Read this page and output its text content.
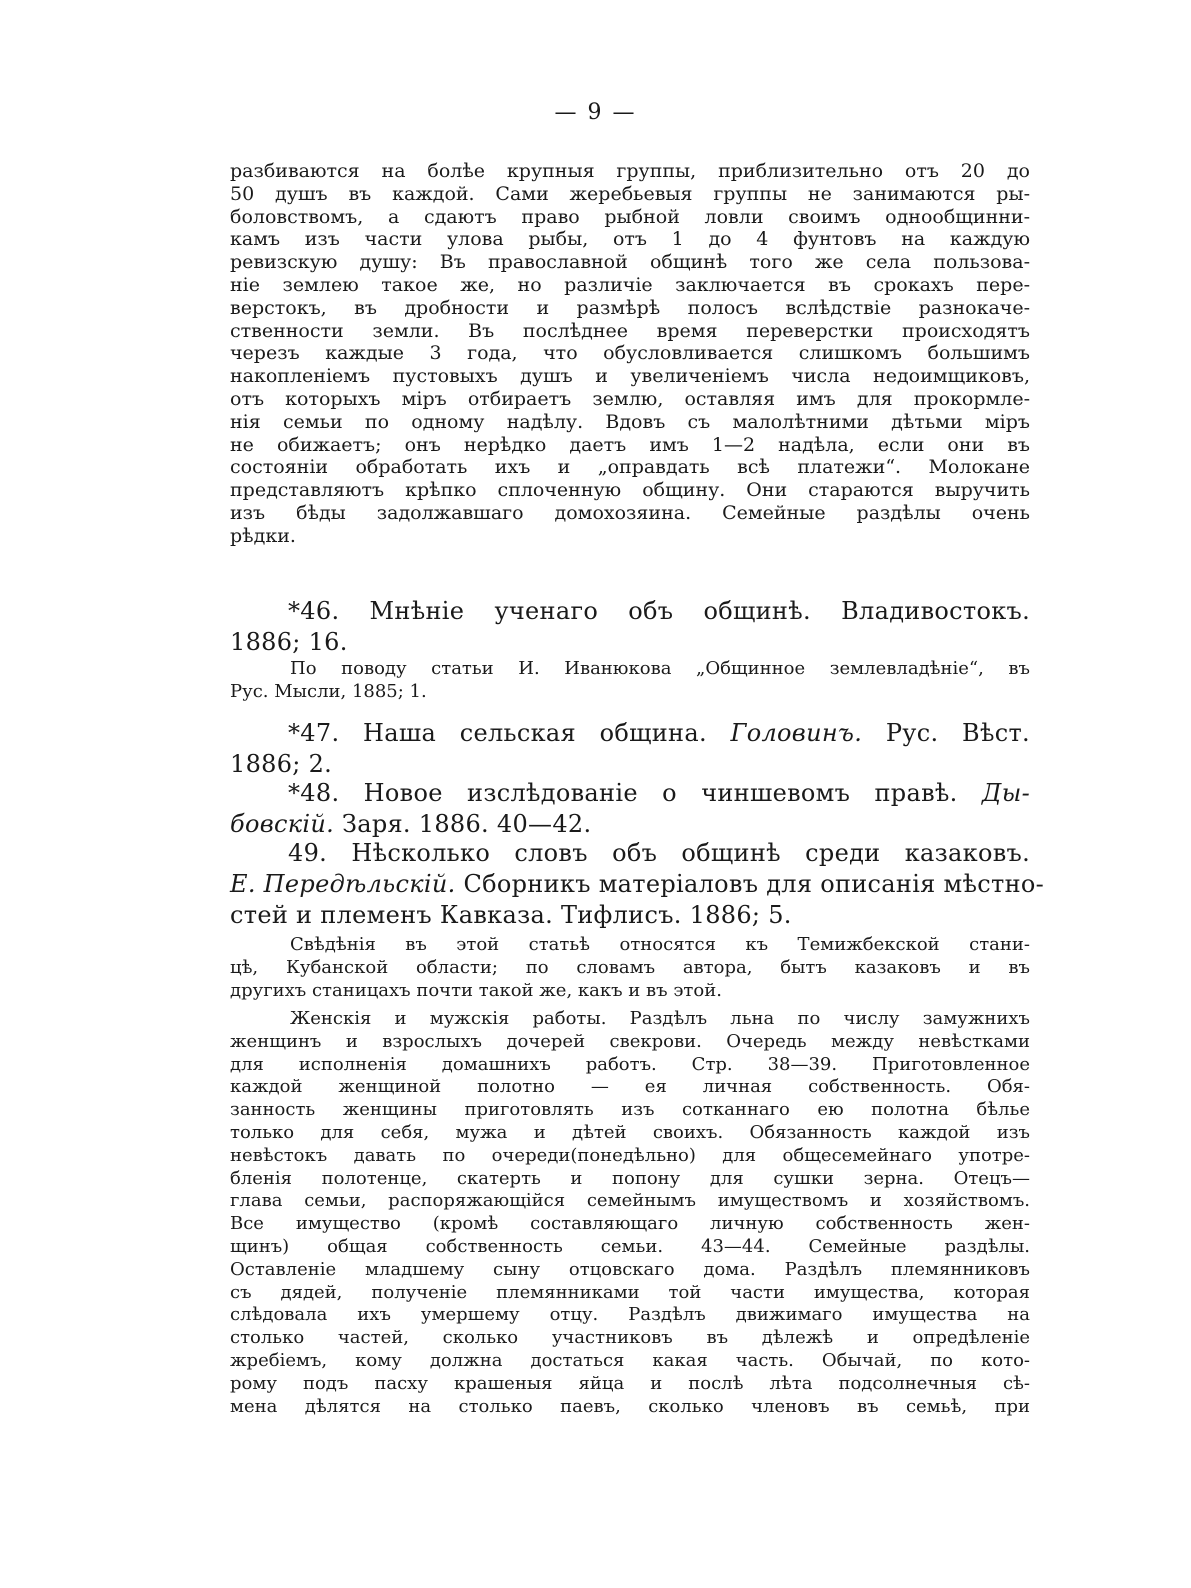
— 9 —
разбиваются на болѣе крупныя группы, приблизительно отъ 20 до
50 душъ въ каждой. Сами жеребьевыя группы не занимаются ры-
боловствомъ, а сдаютъ право рыбной ловли своимъ однообщинни-
камъ изъ части улова рыбы, отъ 1 до 4 фунтовъ на каждую
ревизскую душу: Въ православной общинѣ того же села пользова-
ніе землею такое же, но различіе заключается въ срокахъ пере-
верстокъ, въ дробности и размѣрѣ полосъ вслѣдствіе разнокаче-
ственности земли. Въ послѣднее время переверстки происходятъ
черезъ каждые 3 года, что обусловливается слишкомъ большимъ
накопленіемъ пустовыхъ душъ и увеличеніемъ числа недоимщиковъ,
отъ которыхъ міръ отбираетъ землю, оставляя имъ для прокормле-
нія семьи по одному надѣлу. Вдовъ съ малолѣтними дѣтьми міръ
не обижаетъ; онъ нерѣдко даетъ имъ 1—2 надѣла, если они въ
состояніи обработать ихъ и „оправдать всѣ платежи“. Молокане
представляютъ крѣпко сплоченную общину. Они стараются выручить
изъ бѣды задолжавшаго домохозяина. Семейные раздѣлы очень
рѣдки.
*46. Мнѣніе ученаго объ общинѣ. Владивостокъ.
1886; 16.
По поводу статьи И. Иванюкова „Общинное землевладѣніе“, въ
Рус. Мысли, 1885; 1.
*47. Наша сельская община. Головинъ. Рус. Вѣст.
1886; 2.
*48. Новое изслѣдованіе о чиншевомъ правѣ. Ды-
бовскій. Заря. 1886. 40—42.
49. Нѣсколько словъ объ общинѣ среди казаковъ.
Е. Передѣльскій. Сборникъ матеріаловъ для описанія мѣстно-
стей и племенъ Кавказа. Тифлисъ. 1886; 5.
Свѣдѣнія въ этой статьѣ относятся къ Темижбекской стани-
цѣ, Кубанской области; по словамъ автора, бытъ казаковъ и въ
другихъ станицахъ почти такой же, какъ и въ этой.
Женскія и мужскія работы. Раздѣлъ льна по числу замужнихъ
женщинъ и взрослыхъ дочерей свекрови. Очередь между невѣстками
для исполненія домашнихъ работъ. Стр. 38—39. Приготовленное
каждой женщиной полотно — ея личная собственность. Обя-
занность женщины приготовлять изъ сотканнаго ею полотна бѣлье
только для себя, мужа и дѣтей своихъ. Обязанность каждой изъ
невѣстокъ давать по очереди(понедѣльно) для общесемейнаго употре-
бленія полотенце, скатерть и попону для сушки зерна. Отецъ—
глава семьи, распоряжающійся семейнымъ имуществомъ и хозяйствомъ.
Все имущество (кромѣ составляющаго личную собственность жен-
щинъ) общая собственность семьи. 43—44. Семейные раздѣлы.
Оставленіе младшему сыну отцовскаго дома. Раздѣлъ племянниковъ
съ дядей, полученіе племянниками той части имущества, которая
слѣдовала ихъ умершему отцу. Раздѣлъ движимаго имущества на
столько частей, сколько участниковъ въ дѣлежѣ и опредѣленіе
жребіемъ, кому должна достаться какая часть. Обычай, по кото-
рому подъ пасху крашеныя яйца и послѣ лѣта подсолнечныя сѣ-
мена дѣлятся на столько паевъ, сколько членовъ въ семьѣ, при
